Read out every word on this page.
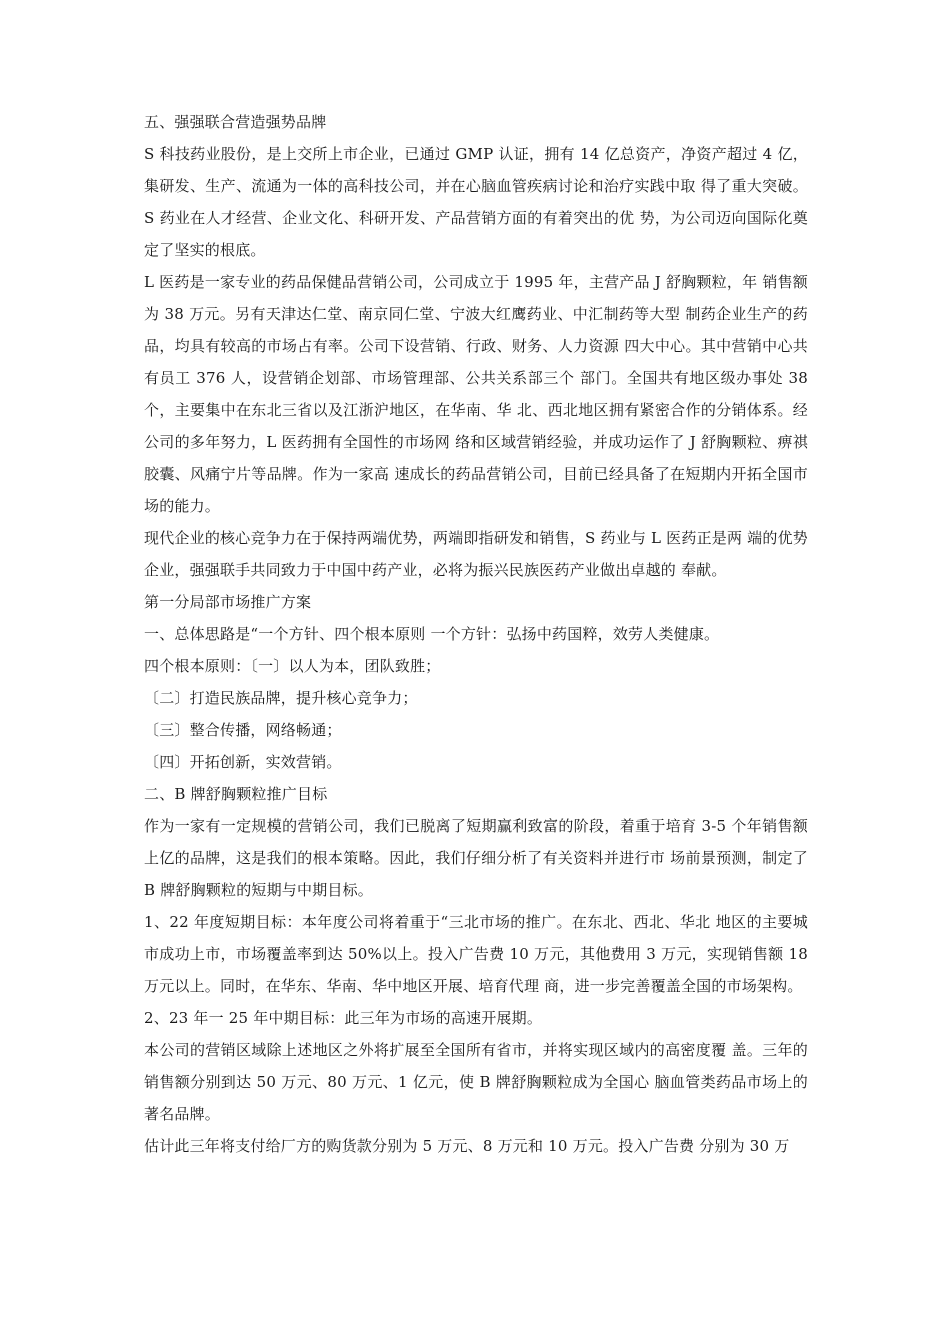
五、强强联合营造强势品牌

S 科技药业股份，是上交所上市企业，已通过 GMP 认证，拥有 14 亿总资产，净资产超过 4 亿，集研发、生产、流通为一体的高科技公司，并在心脑血管疾病讨论和治疗实践中取 得了重大突破。S 药业在人才经营、企业文化、科研开发、产品营销方面的有着突出的优 势，为公司迈向国际化奠定了坚实的根底。

L 医药是一家专业的药品保健品营销公司，公司成立于 1995 年，主营产品 J 舒胸颗粒，年 销售额为 38 万元。另有天津达仁堂、南京同仁堂、宁波大红鹰药业、中汇制药等大型 制药企业生产的药品，均具有较高的市场占有率。公司下设营销、行政、财务、人力资源 四大中心。其中营销中心共有员工 376 人，设营销企划部、市场管理部、公共关系部三个 部门。全国共有地区级办事处 38 个，主要集中在东北三省以及江浙沪地区，在华南、华 北、西北地区拥有紧密合作的分销体系。经公司的多年努力，L 医药拥有全国性的市场网 络和区域营销经验，并成功运作了 J 舒胸颗粒、痹祺胶囊、风痛宁片等品牌。作为一家高 速成长的药品营销公司，目前已经具备了在短期内开拓全国市场的能力。

现代企业的核心竞争力在于保持两端优势，两端即指研发和销售，S 药业与 L 医药正是两 端的优势企业，强强联手共同致力于中国中药产业，必将为振兴民族医药产业做出卓越的 奉献。

第一分局部市场推广方案

一、总体思路是“一个方针、四个根本原则 一个方针：弘扬中药国粹，效劳人类健康。

四个根本原则：〔一〕以人为本，团队致胜；

〔二〕打造民族品牌，提升核心竞争力；

〔三〕整合传播，网络畅通；

〔四〕开拓创新，实效营销。

二、B 牌舒胸颗粒推广目标

作为一家有一定规模的营销公司，我们已脱离了短期赢利致富的阶段，着重于培育 3-5 个年销售额上亿的品牌，这是我们的根本策略。因此，我们仔细分析了有关资料并进行市 场前景预测，制定了 B 牌舒胸颗粒的短期与中期目标。

1、22 年度短期目标：本年度公司将着重于“三北市场的推广。在东北、西北、华北 地区的主要城市成功上市，市场覆盖率到达 50%以上。投入广告费 10 万元，其他费用 3 万元，实现销售额 18 万元以上。同时，在华东、华南、华中地区开展、培育代理 商，进一步完善覆盖全国的市场架构。

2、23 年一 25 年中期目标：此三年为市场的高速开展期。

本公司的营销区域除上述地区之外将扩展至全国所有省市，并将实现区域内的高密度覆 盖。三年的销售额分别到达 50 万元、80 万元、1 亿元，使 B 牌舒胸颗粒成为全国心 脑血管类药品市场上的著名品牌。

估计此三年将支付给厂方的购货款分别为 5 万元、8 万元和 10 万元。投入广告费 分别为 30 万
